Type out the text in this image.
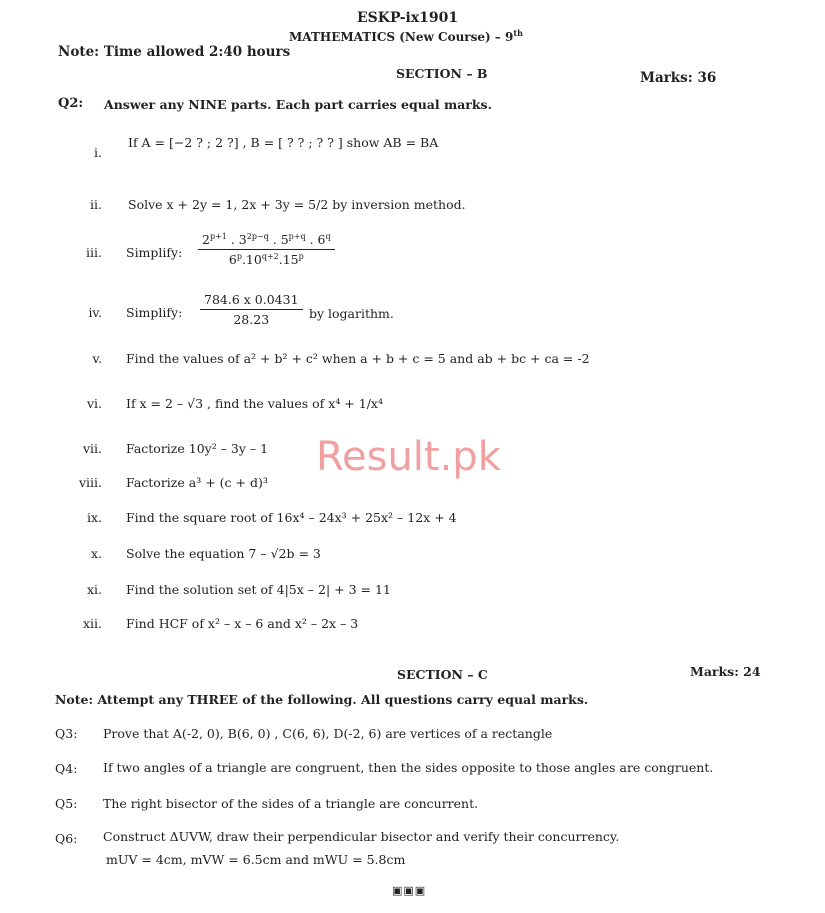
ESKP-ix1901
MATHEMATICS (New Course) – 9th
Note: Time allowed 2:40 hours
SECTION – B	Marks: 36
Q2: Answer any NINE parts. Each part carries equal marks.
i.
If A = [−2 ? ; 2 ?] , B = [ ? ? ; ? ? ] show AB = BA
ii. Solve x + 2y = 1, 2x + 3y = 5/2 by inversion method.
iii. Simplify: $\frac{2^{p+1} . 3^{2p-q} . 5^{p+q} . 6^q}{6^p.10^{q+2}.15^p}$
iv. Simplify: $\frac{784.6 x 0.0431}{28.23}$ by logarithm.
v. Find the values of a² + b² + c² when a + b + c = 5 and ab + bc + ca = -2
vi. If x = 2 – √3 , find the values of x⁴ + 1/x⁴
vii. Factorize 10y² – 3y – 1
viii. Factorize a³ + (c + d)³
ix. Find the square root of 16x⁴ – 24x³ + 25x² – 12x + 4
x. Solve the equation 7 – √2b = 3
xi. Find the solution set of 4|5x – 2| + 3 = 11
xii. Find HCF of x² – x – 6 and x² – 2x – 3
Result.pk
SECTION – C	Marks: 24
Note: Attempt any THREE of the following. All questions carry equal marks.
Q3: Prove that A(-2, 0), B(6, 0) , C(6, 6), D(-2, 6) are vertices of a rectangle
Q4: If two angles of a triangle are congruent, then the sides opposite to those angles are congruent.
Q5: The right bisector of the sides of a triangle are concurrent.
Q6: Construct ΔUVW, draw their perpendicular bisector and verify their concurrency.
mUV = 4cm, mVW = 6.5cm and mWU = 5.8cm
▣▣▣
